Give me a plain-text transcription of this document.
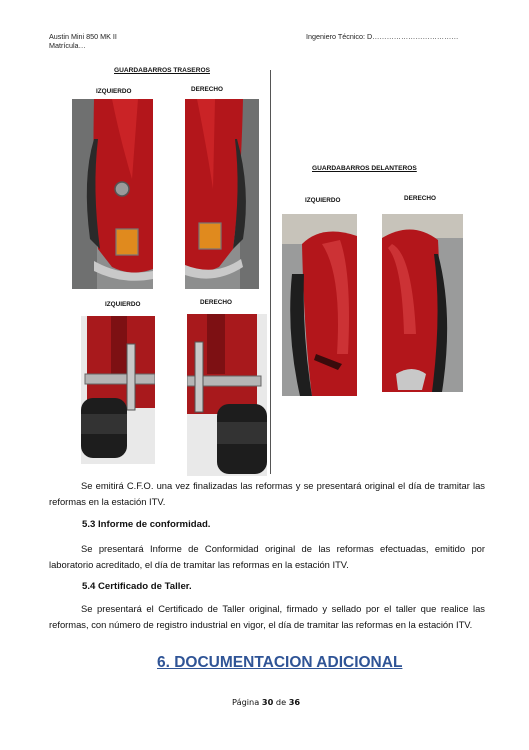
Austin Mini 850 MK II
Matrícula…
Ingeniero Técnico: D………………………………
GUARDABARROS TRASEROS
IZQUIERDO	DERECHO
IZQUIERDO	DERECHO
GUARDABARROS DELANTEROS
IZQUIERDO	DERECHO
Se emitirá C.F.O. una vez finalizadas las reformas y se presentará original el día de tramitar las reformas en la estación ITV.
5.3 Informe de conformidad.
Se presentará Informe de Conformidad original de las reformas efectuadas, emitido por laboratorio acreditado, el día de tramitar las reformas en la estación ITV.
5.4 Certificado de Taller.
Se presentará el Certificado de Taller original, firmado y sellado por el taller que realice las reformas, con número de registro industrial en vigor, el día de tramitar las reformas en la estación ITV.
6. DOCUMENTACION ADICIONAL
Página 30 de 36
